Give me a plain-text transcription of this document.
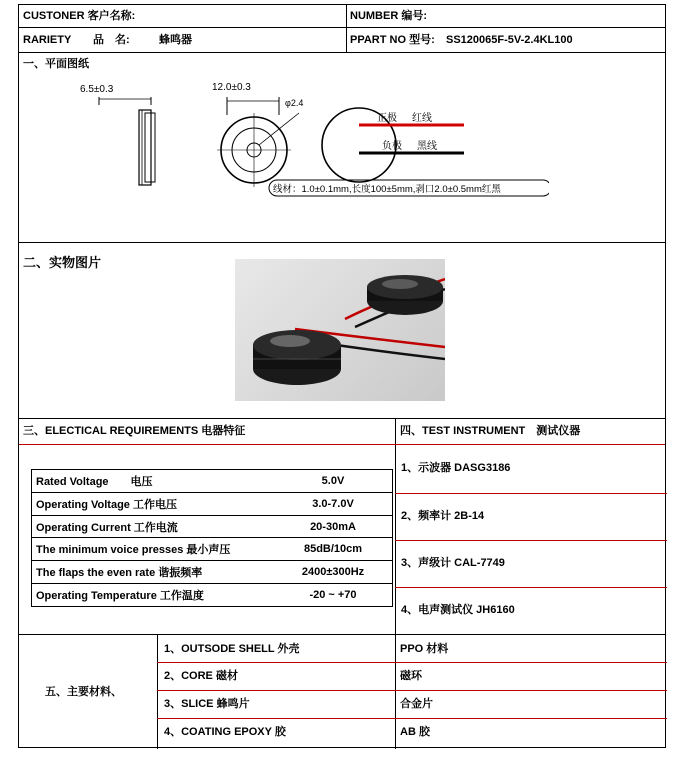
CUSTONER 客户名称:	NUMBER 编号:
RARIETY 品　名:	蜂鸣器	PPART NO 型号: SS120065F-5V-2.4KL100
一、平面图纸
6.5±0.3	12.0±0.3
φ2.4
正极 红线
负极 黑线
线材：1.0±0.1mm,长度100±5mm,剥口2.0±0.5mm红黑
二、实物图片
三、ELECTICAL REQUIREMENTS 电器特征	四、TEST INSTRUMENT　测试仪器
Rated Voltage　　电压	5.0V
Operating Voltage 工作电压	3.0-7.0V
Operating Current 工作电流	20-30mA
The minimum voice presses 最小声压	85dB/10cm
The flaps the even rate 谐振频率	2400±300Hz
Operating Temperature 工作温度	-20 ~ +70
1、示波器 DASG3186
2、频率计 2B-14
3、声级计 CAL-7749
4、电声测试仪 JH6160
五、主要材料、
1、OUTSODE SHELL 外壳	PPO 材料
2、CORE 磁材	磁环
3、SLICE 蜂鸣片	合金片
4、COATING EPOXY 胶	AB 胶
